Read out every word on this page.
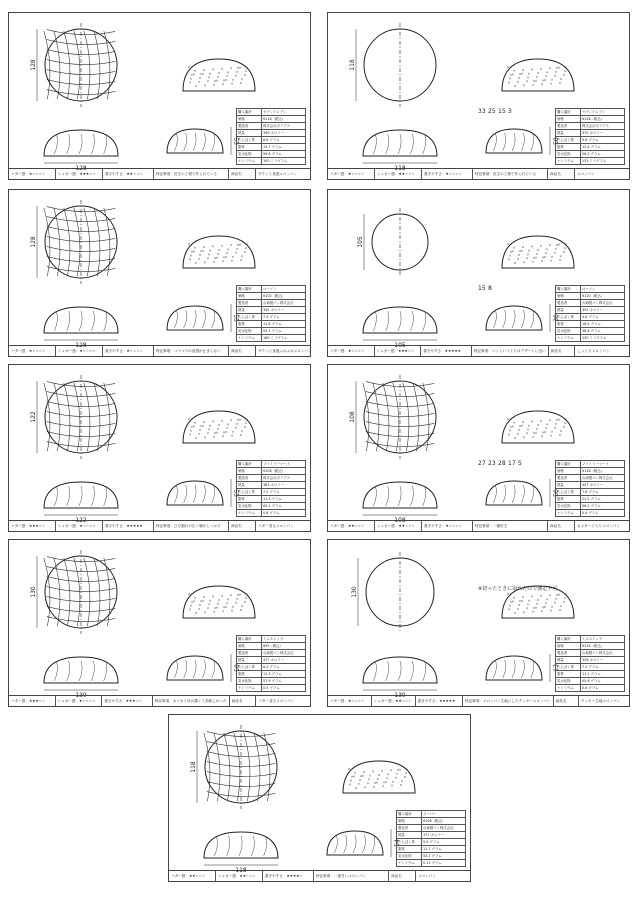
128
128
55
購入場所	セブンイレブン
価格	¥118（税込）
製造者	株式会社ポリアス
熱量	399 カロリー
たんぱく質	8.8 グラム
脂質	13.7 グラム
炭水化物	59.8 グラム
ナトリウム	100 ミリグラム
バター感：★☆☆☆☆	シュガー感：★★★☆☆	書きやすさ：★★☆☆☆	特記事項：皮生の工程で作られている	商品名	サクッと食感メロンパン
118
118
58
33 25 15 3	購入場所	セブンイレブン
価格	¥128（税込）
製造者	株式会社ポリアス
熱量	370 カロリー
たんぱく質	9.6 グラム
脂質	12.4 グラム
炭水化物	56.2 グラム
ナトリウム	133 ミリグラム
バター感：★☆☆☆☆	シュガー感：★★☆☆☆	書きやすさ：★☆☆☆☆	特記事項：皮生の工程で作られている	商品名	メロンパン
128
128
55
購入場所	ローソン
価格	¥102（税込）
製造者	山崎製パン株式会社
熱量	345 カロリー
たんぱく質	7.3 グラム
脂質	11.6 グラム
炭水化物	53.3 グラム
ナトリウム	180 ミリグラム
バター感：★☆☆☆☆	シュガー感：★☆☆☆☆	書きやすさ：★☆☆☆☆	特記事項：ゴツゴツの食感が止まらない	商品名	サクッと食感ふかふかメロンパン
105
105
30
15 8	購入場所	ローソン
価格	¥120（税込）
製造者	山崎製パン株式会社
熱量	352 カロリー
たんぱく質	4.8 グラム
脂質	18.4 グラム
炭水化物	38.4 グラム
ナトリウム	130 ミリグラム
バター感：★☆☆☆☆	シュガー感：★★★☆☆	書きやすさ：★★★★★	特記事項：パンというよりはデザートに近い	商品名	しっとりメロンパン
122
122
55
購入場所	ファミリーマート
価格	¥108（税込）
製造者	株式会社ポリアス
熱量	383 カロリー
たんぱく質	7.2 グラム
脂質	11.3 グラム
炭水化物	63.1 グラム
ナトリウム	0.6 グラム
バター感：★★★☆☆	シュガー感：★☆☆☆☆	書きやすさ：★★★★★	特記事項：ひび割れの広い層がしっかり	商品名	バター香るメロンパン
108
108
50
27 23 28 17 5	購入場所	ファミリーマート
価格	¥128（税込）
製造者	山崎製パン株式会社
熱量	447 カロリー
たんぱく質	7.6 グラム
脂質	21.2 グラム
炭水化物	56.2 グラム
ナトリウム	0.4 グラム
バター感：★★☆☆☆	シュガー感：★★☆☆☆	書きやすさ：★☆☆☆☆	特記事項：一番好き	商品名	カスタード入りメロンパン
130
130
50
購入場所	ミニストップ
価格	¥95（税込）
製造者	山崎製パン株式会社
熱量	377 カロリー
たんぱく質	8.2 グラム
脂質	11.3 グラム
炭水化物	57.9 グラム
ナトリウム	0.5 グラム
バター感：★★★☆☆	シュガー感：★☆☆☆☆	書きやすさ：★★★☆☆	特記事項：カリカリ皮の濃くて美味しかった	商品名	バター香るメロンパン
130
130
13
※切ったときに崩れたので測定不可
購入場所	ミニストップ
価格	¥135（税込）
製造者	山崎製パン株式会社
熱量	328 カロリー
たんぱく質	7.1 グラム
脂質	11.1 グラム
炭水化物	45.6 グラム
ナトリウム	0.6 グラム
バター感：★☆☆☆☆	シュガー感：★★☆☆☆	書きやすさ：★★★★★	特記事項：メロンパン生地にしたクッキーメロンパン	商品名	クッキー生地メロンパン
118
118
54
購入場所	スーパー
価格	¥108（税込）
製造者	山崎製パン株式会社
熱量	377 カロリー
たんぱく質	5.0 グラム
脂質	11.7 グラム
炭水化物	53.2 グラム
ナトリウム	0.13 グラム
バター感：★★☆☆☆	シュガー感：★★☆☆☆	書きやすさ：★★★★☆	特記事項：一番甘いメロンパン	商品名	メロンパン
